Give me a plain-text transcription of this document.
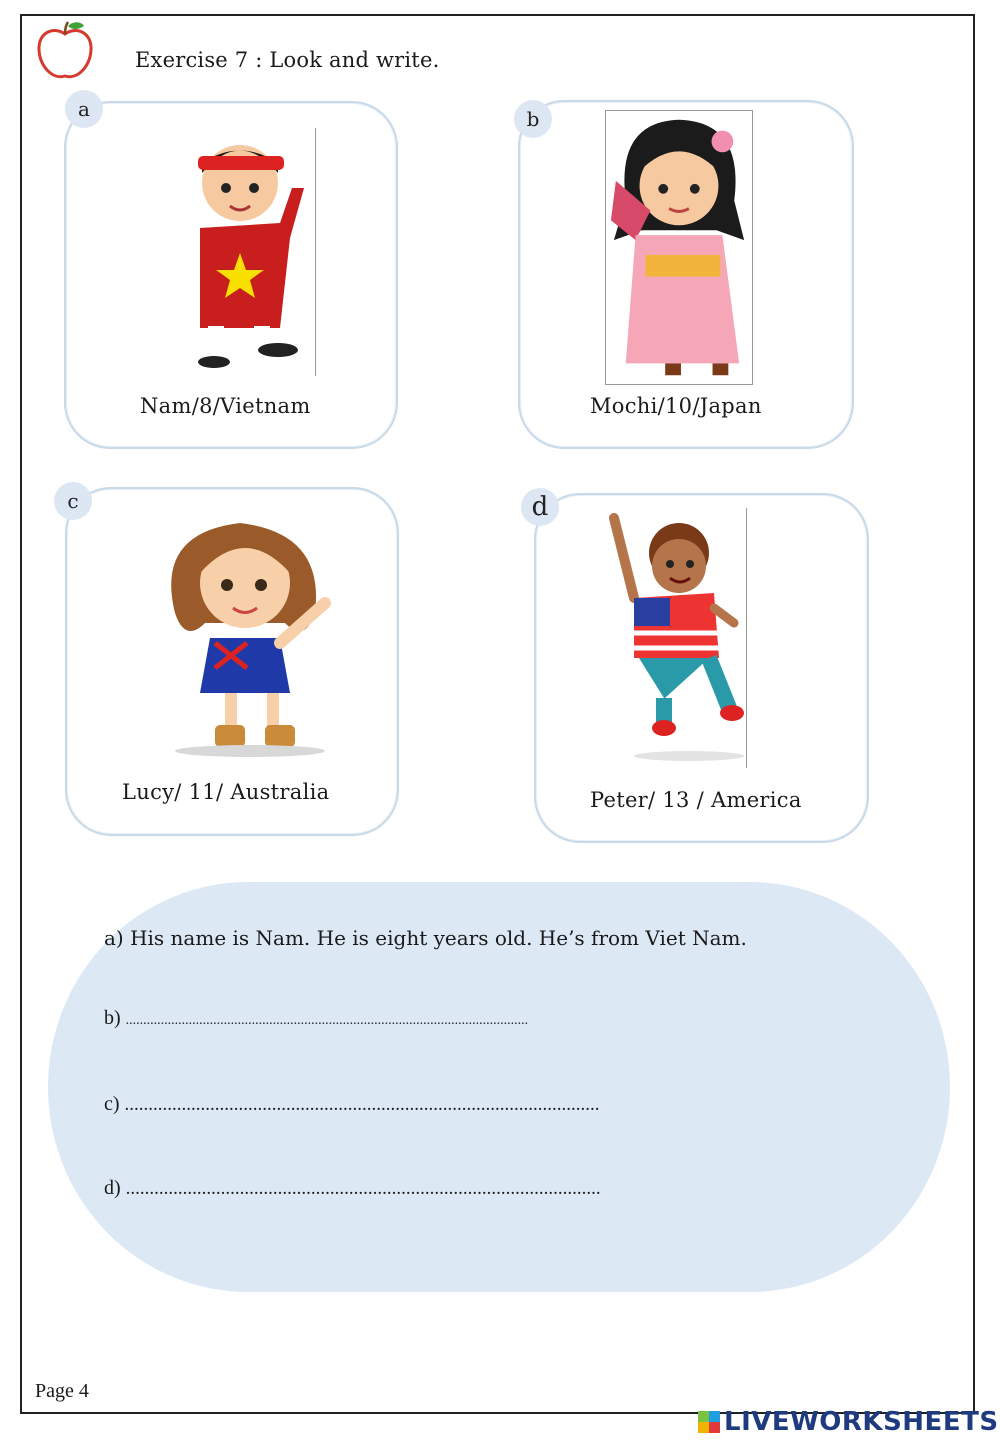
Exercise 7 : Look and write.
a
Nam/8/Vietnam
b
Mochi/10/Japan
c
Lucy/ 11/ Australia
d
Peter/ 13 / America
a) His name is Nam. He is eight years old. He’s from Viet Nam.
b) ...................................................................................................................
c) ....................................................................................................
d) ....................................................................................................
Page 4
LIVEWORKSHEETS
